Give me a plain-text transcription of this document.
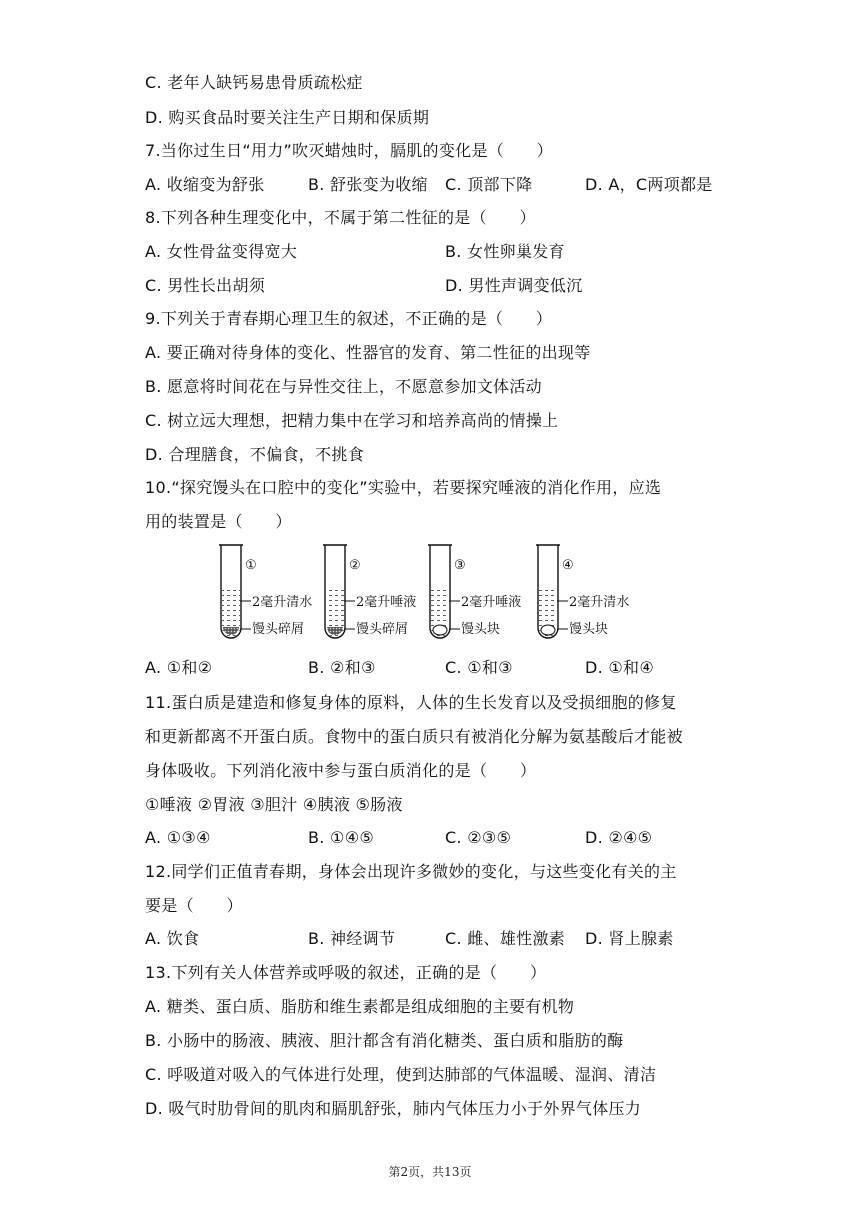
C. 老年人缺钙易患骨质疏松症
D. 购买食品时要关注生产日期和保质期
7.当你过生日“用力”吹灭蜡烛时，膈肌的变化是（　　）
A. 收缩变为舒张	B. 舒张变为收缩 C. 顶部下降	D. A，C两项都是
8.下列各种生理变化中，不属于第二性征的是（　　）
A. 女性骨盆变得宽大	B. 女性卵巢发育
C. 男性长出胡须	D. 男性声调变低沉
9.下列关于青春期心理卫生的叙述，不正确的是（　　）
A. 要正确对待身体的变化、性器官的发育、第二性征的出现等
B. 愿意将时间花在与异性交往上，不愿意参加文体活动
C. 树立远大理想，把精力集中在学习和培养高尚的情操上
D. 合理膳食，不偏食，不挑食
10.“探究馒头在口腔中的变化”实验中，若要探究唾液的消化作用，应选
用的装置是（　　）
①
2毫升清水
馒头碎屑
②
2毫升唾液
馒头碎屑
③
2毫升唾液
馒头块
④
2毫升清水
馒头块
A. ①和②	B. ②和③	C. ①和③	D. ①和④
11.蛋白质是建造和修复身体的原料，人体的生长发育以及受损细胞的修复
和更新都离不开蛋白质。食物中的蛋白质只有被消化分解为氨基酸后才能被
身体吸收。下列消化液中参与蛋白质消化的是（　　）
①唾液 ②胃液 ③胆汁 ④胰液 ⑤肠液
A. ①③④	B. ①④⑤	C. ②③⑤	D. ②④⑤
12.同学们正值青春期，身体会出现许多微妙的变化，与这些变化有关的主
要是（　　）
A. 饮食	B. 神经调节	C. 雌、雄性激素 D. 肾上腺素
13.下列有关人体营养或呼吸的叙述，正确的是（　　）
A. 糖类、蛋白质、脂肪和维生素都是组成细胞的主要有机物
B. 小肠中的肠液、胰液、胆汁都含有消化糖类、蛋白质和脂肪的酶
C. 呼吸道对吸入的气体进行处理，使到达肺部的气体温暖、湿润、清洁
D. 吸气时肋骨间的肌肉和膈肌舒张，肺内气体压力小于外界气体压力
第2页，共13页
